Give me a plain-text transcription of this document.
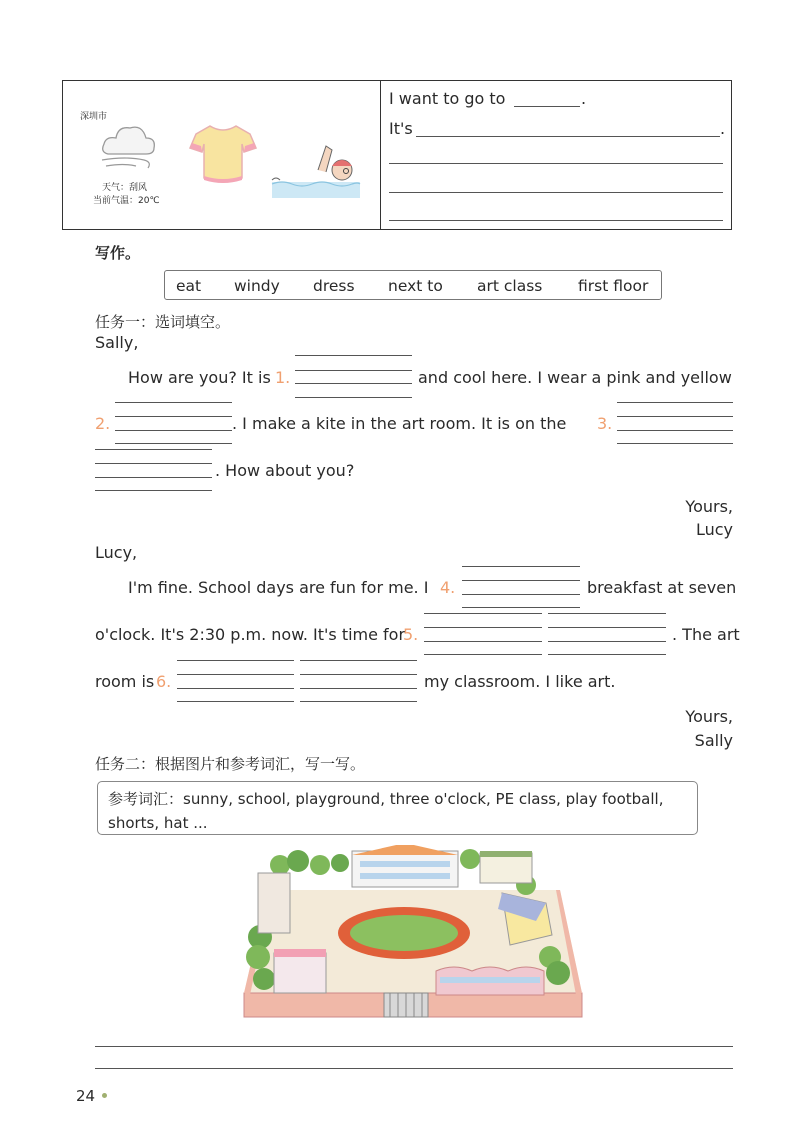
深圳市
天气：刮风
当前气温：20℃
I want to go to	.
It's	.
写作。
eat windy dress next to art class first floor
任务一：选词填空。
Sally,
How are you? It is 1.	and cool here. I wear a pink and yellow
2.	. I make a kite in the art room. It is on the 3.
. How about you?
Yours,
Lucy
Lucy,
I'm fine. School days are fun for me. I 4.	breakfast at seven
o'clock. It's 2:30 p.m. now. It's time for
5.	. The art
room is 6.	my classroom. I like art.
Yours,
Sally
任务二：根据图片和参考词汇，写一写。
参考词汇：sunny, school, playground, three o'clock, PE class, play football,
shorts, hat ...
24
